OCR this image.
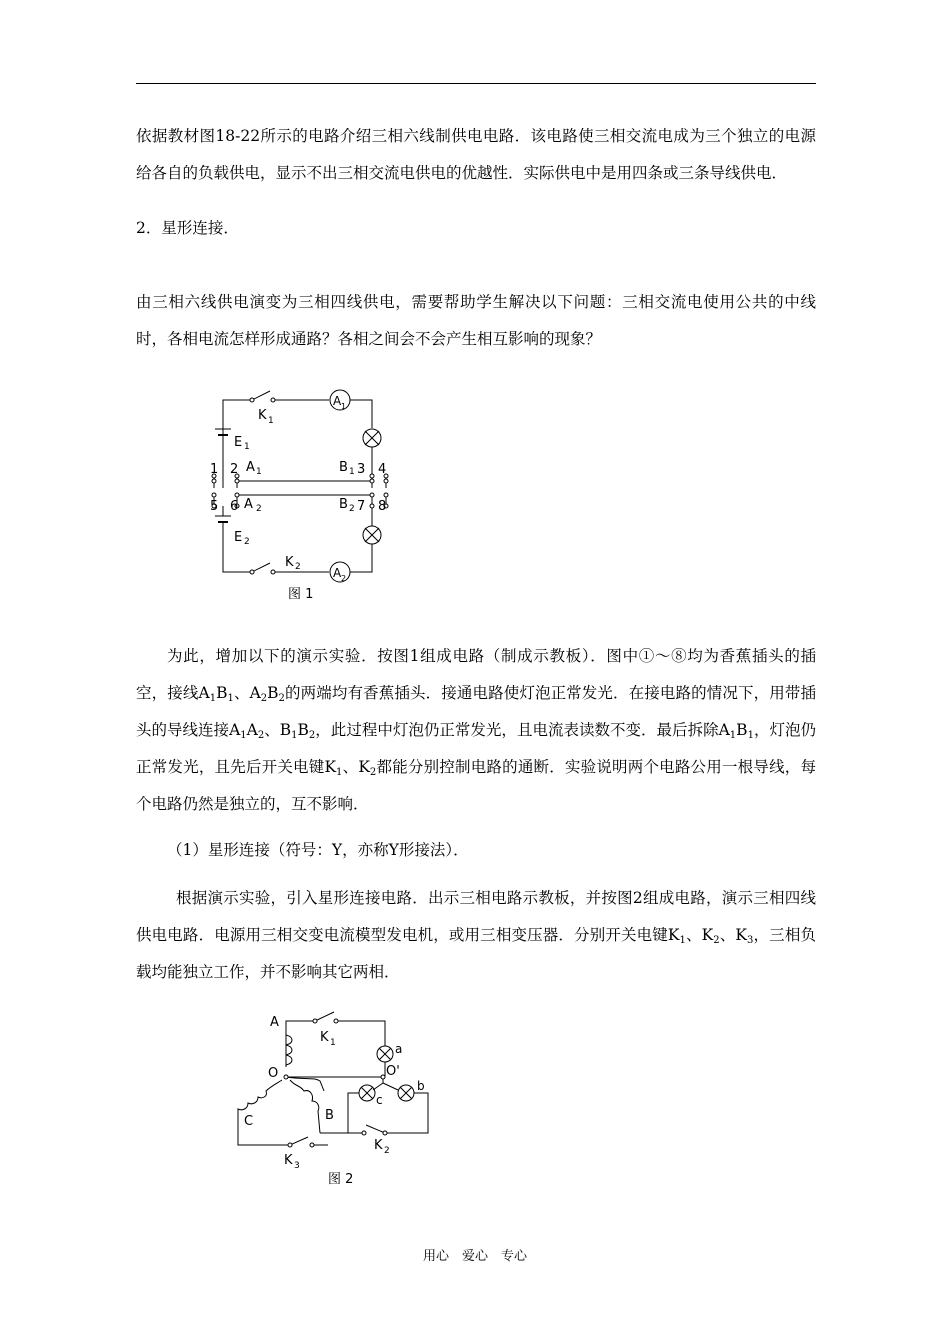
依据教材图18-22所示的电路介绍三相六线制供电电路．该电路使三相交流电成为三个独立的电源给各自的负载供电，显示不出三相交流电供电的优越性．实际供电中是用四条或三条导线供电．

2．星形连接．

由三相六线供电演变为三相四线供电，需要帮助学生解决以下问题：三相交流电使用公共的中线时，各相电流怎样形成通路？各相之间会不会产生相互影响的现象？

K 1
A 1
E 1
1 2 A 1	B 1 3 4
5 6 A 2	B 2 7 8
E 2
K 2	A 2
图 1

为此，增加以下的演示实验．按图1组成电路（制成示教板）．图中①～⑧均为香蕉插头的插空，接线$A_1B_1$、$A_2B_2$的两端均有香蕉插头．接通电路使灯泡正常发光．在接电路的情况下，用带插头的导线连接$A_1A_2$、$B_1B_2$，此过程中灯泡仍正常发光，且电流表读数不变．最后拆除$A_1B_1$，灯泡仍正常发光，且先后开关电键$K_1$、$K_2$都能分别控制电路的通断．实验说明两个电路公用一根导线，每个电路仍然是独立的，互不影响．

（1）星形连接（符号：Y，亦称Y形接法）．

根据演示实验，引入星形连接电路．出示三相电路示教板，并按图2组成电路，演示三相四线供电电路．电源用三相交变电流模型发电机，或用三相变压器．分别开关电键$K_1$、$K_2$、$K_3$，三相负载均能独立工作，并不影响其它两相．

A
K 1	a
O	O'
b
c
C	B
K 2
K 3
图 2
用心　爱心　专心
